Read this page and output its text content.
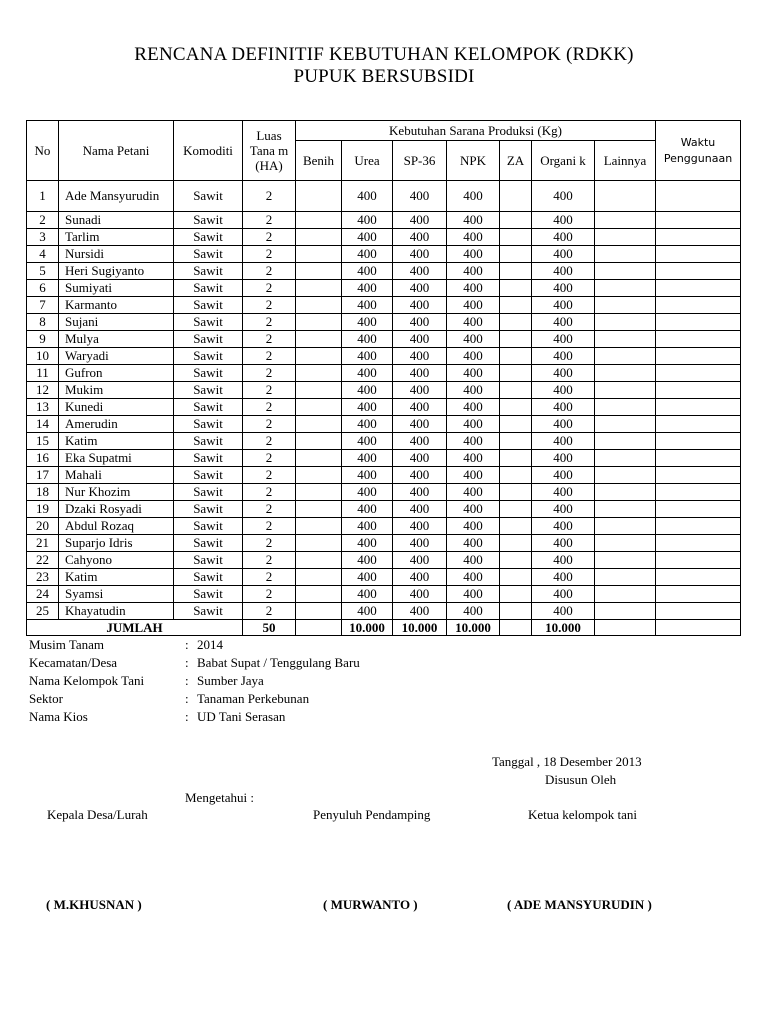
RENCANA DEFINITIF KEBUTUHAN KELOMPOK (RDKK)
PUPUK BERSUBSIDI
No	Nama Petani	Komoditi	Luas Tana m (HA)	Kebutuhan Sarana Produksi (Kg)							Waktu Penggunaan
				Benih	Urea	SP-36	NPK	ZA	Organi k	Lainnya	
1	Ade Mansyurudin	Sawit	2		400	400	400		400		
2	Sunadi	Sawit	2		400	400	400		400		
3	Tarlim	Sawit	2		400	400	400		400		
4	Nursidi	Sawit	2		400	400	400		400		
5	Heri Sugiyanto	Sawit	2		400	400	400		400		
6	Sumiyati	Sawit	2		400	400	400		400		
7	Karmanto	Sawit	2		400	400	400		400		
8	Sujani	Sawit	2		400	400	400		400		
9	Mulya	Sawit	2		400	400	400		400		
10	Waryadi	Sawit	2		400	400	400		400		
11	Gufron	Sawit	2		400	400	400		400		
12	Mukim	Sawit	2		400	400	400		400		
13	Kunedi	Sawit	2		400	400	400		400		
14	Amerudin	Sawit	2		400	400	400		400		
15	Katim	Sawit	2		400	400	400		400		
16	Eka Supatmi	Sawit	2		400	400	400		400		
17	Mahali	Sawit	2		400	400	400		400		
18	Nur Khozim	Sawit	2		400	400	400		400		
19	Dzaki Rosyadi	Sawit	2		400	400	400		400		
20	Abdul Rozaq	Sawit	2		400	400	400		400		
21	Suparjo Idris	Sawit	2		400	400	400		400		
22	Cahyono	Sawit	2		400	400	400		400		
23	Katim	Sawit	2		400	400	400		400		
24	Syamsi	Sawit	2		400	400	400		400		
25	Khayatudin	Sawit	2		400	400	400		400		
JUMLAH			50		10.000	10.000	10.000		10.000		
Musim Tanam	: 2014
Kecamatan/Desa	: Babat Supat / Tenggulang Baru
Nama Kelompok Tani	: Sumber Jaya
Sektor	: Tanaman Perkebunan
Nama Kios	: UD Tani Serasan
Tanggal , 18 Desember 2013
Disusun Oleh
Mengetahui :
Kepala Desa/Lurah	Penyuluh Pendamping	Ketua kelompok tani
( M.KHUSNAN )	( MURWANTO )	( ADE MANSYURUDIN )
